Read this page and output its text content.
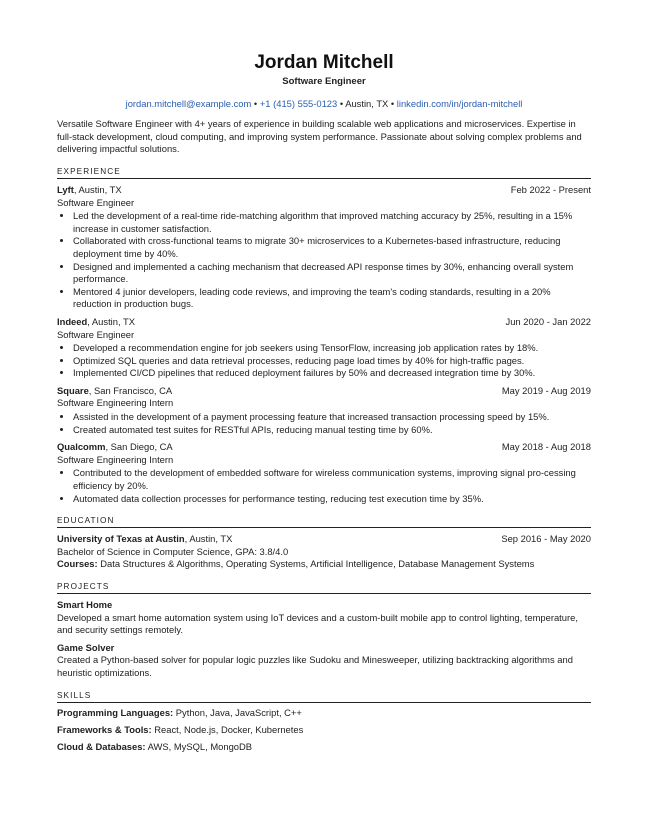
Jordan Mitchell
Software Engineer
jordan.mitchell@example.com • +1 (415) 555-0123 • Austin, TX • linkedin.com/in/jordan-mitchell
Versatile Software Engineer with 4+ years of experience in building scalable web applications and microservices. Expertise in full-stack development, cloud computing, and improving system performance. Passionate about solving complex problems and delivering impactful solutions.
EXPERIENCE
Lyft, Austin, TX	Feb 2022 - Present
Software Engineer
• Led the development of a real-time ride-matching algorithm that improved matching accuracy by 25%, resulting in a 15% increase in customer satisfaction.
• Collaborated with cross-functional teams to migrate 30+ microservices to a Kubernetes-based infrastructure, reducing deployment time by 40%.
• Designed and implemented a caching mechanism that decreased API response times by 30%, enhancing overall system performance.
• Mentored 4 junior developers, leading code reviews, and improving the team's coding standards, resulting in a 20% reduction in production bugs.
Indeed, Austin, TX	Jun 2020 - Jan 2022
Software Engineer
• Developed a recommendation engine for job seekers using TensorFlow, increasing job application rates by 18%.
• Optimized SQL queries and data retrieval processes, reducing page load times by 40% for high-traffic pages.
• Implemented CI/CD pipelines that reduced deployment failures by 50% and decreased integration time by 30%.
Square, San Francisco, CA	May 2019 - Aug 2019
Software Engineering Intern
• Assisted in the development of a payment processing feature that increased transaction processing speed by 15%.
• Created automated test suites for RESTful APIs, reducing manual testing time by 60%.
Qualcomm, San Diego, CA	May 2018 - Aug 2018
Software Engineering Intern
• Contributed to the development of embedded software for wireless communication systems, improving signal pro-cessing efficiency by 20%.
• Automated data collection processes for performance testing, reducing test execution time by 35%.
EDUCATION
University of Texas at Austin, Austin, TX	Sep 2016 - May 2020
Bachelor of Science in Computer Science, GPA: 3.8/4.0
Courses: Data Structures & Algorithms, Operating Systems, Artificial Intelligence, Database Management Systems
PROJECTS
Smart Home
Developed a smart home automation system using IoT devices and a custom-built mobile app to control lighting, temperature, and security settings remotely.
Game Solver
Created a Python-based solver for popular logic puzzles like Sudoku and Minesweeper, utilizing backtracking algorithms and heuristic optimizations.
SKILLS
Programming Languages: Python, Java, JavaScript, C++
Frameworks & Tools: React, Node.js, Docker, Kubernetes
Cloud & Databases: AWS, MySQL, MongoDB
